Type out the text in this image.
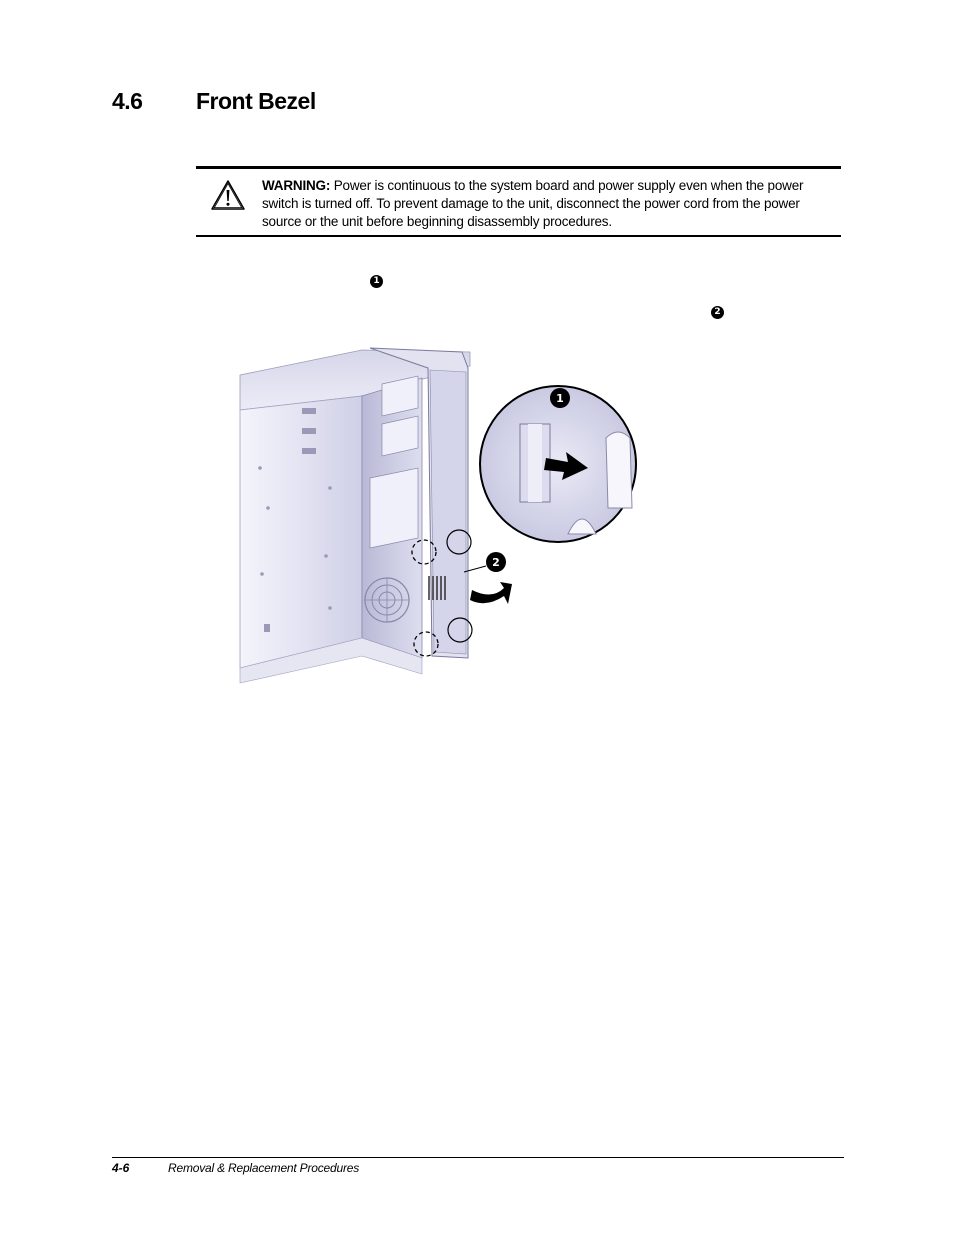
4.6 Front Bezel
WARNING: Power is continuous to the system board and power supply even when the power switch is turned off. To prevent damage to the unit, disconnect the power cord from the power source or the unit before beginning disassembly procedures.
1
2
1
2
4-6	Removal & Replacement Procedures
